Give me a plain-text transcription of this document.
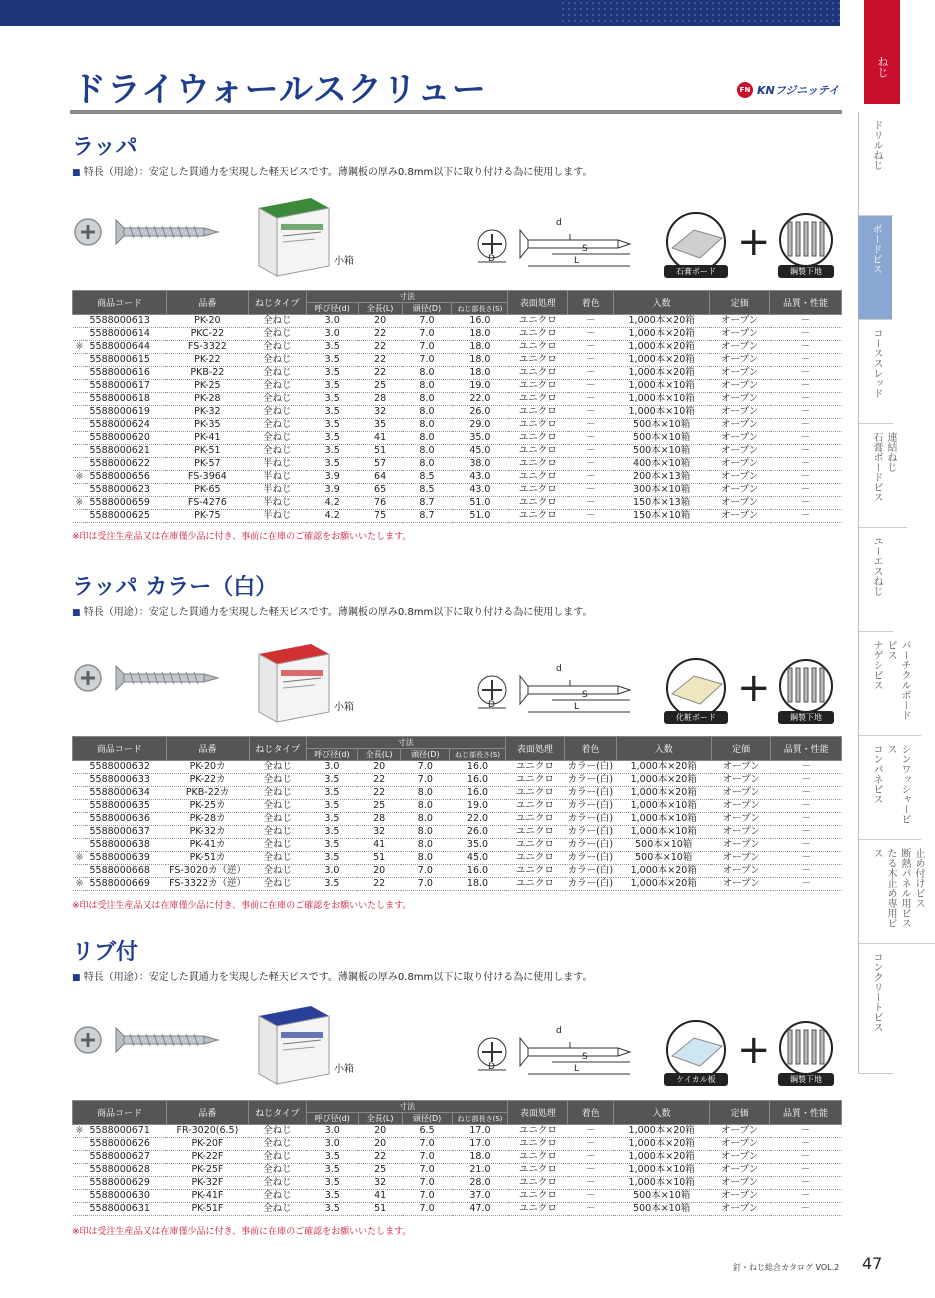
ねじ
ドリルねじ
ボードビス
コーススレッド
連結ねじ
石膏ボードビス
ユーエスねじ
パーチクルボードビス
ナゲシビス
シンワッシャービス
コンパネビス
止め付けビス
断熱パネル用ビス
たる木止め専用ビス
コンクリートビス
ドライウォールスクリュー	FN KNフジニッテイ
ラッパ
■ 特長（用途）：安定した貫通力を実現した軽天ビスです。薄鋼板の厚み0.8mm以下に取り付ける為に使用します。
小箱
d
S
L
D
石膏ボード
+
鋼製下地
商品コード		品番	ねじタイプ	寸法				表面処理	着色	入数	定価	品質・性能
				呼び径(d)	全長(L)	頭径(D)	ねじ部長さ(S)					
	5588000613	PK-20	全ねじ	3.0	20	7.0	16.0	ユニクロ	－	1,000本×20箱	オープン	－
	5588000614	PKC-22	全ねじ	3.0	22	7.0	18.0	ユニクロ	－	1,000本×20箱	オープン	－
※	5588000644	FS-3322	全ねじ	3.5	22	7.0	18.0	ユニクロ	－	1,000本×20箱	オープン	－
	5588000615	PK-22	全ねじ	3.5	22	7.0	18.0	ユニクロ	－	1,000本×20箱	オープン	－
	5588000616	PKB-22	全ねじ	3.5	22	8.0	18.0	ユニクロ	－	1,000本×20箱	オープン	－
	5588000617	PK-25	全ねじ	3.5	25	8.0	19.0	ユニクロ	－	1,000本×10箱	オープン	－
	5588000618	PK-28	全ねじ	3.5	28	8.0	22.0	ユニクロ	－	1,000本×10箱	オープン	－
	5588000619	PK-32	全ねじ	3.5	32	8.0	26.0	ユニクロ	－	1,000本×10箱	オープン	－
	5588000624	PK-35	全ねじ	3.5	35	8.0	29.0	ユニクロ	－	500本×10箱	オープン	－
	5588000620	PK-41	全ねじ	3.5	41	8.0	35.0	ユニクロ	－	500本×10箱	オープン	－
	5588000621	PK-51	全ねじ	3.5	51	8.0	45.0	ユニクロ	－	500本×10箱	オープン	－
	5588000622	PK-57	半ねじ	3.5	57	8.0	38.0	ユニクロ	－	400本×10箱	オープン	－
※	5588000656	FS-3964	半ねじ	3.9	64	8.5	43.0	ユニクロ	－	200本×13箱	オープン	－
	5588000623	PK-65	半ねじ	3.9	65	8.5	43.0	ユニクロ	－	300本×10箱	オープン	－
※	5588000659	FS-4276	半ねじ	4.2	76	8.7	51.0	ユニクロ	－	150本×13箱	オープン	－
	5588000625	PK-75	半ねじ	4.2	75	8.7	51.0	ユニクロ	－	150本×10箱	オープン	－
※印は受注生産品又は在庫僅少品に付き、事前に在庫のご確認をお願いいたします。
ラッパ カラー（白）
■ 特長（用途）：安定した貫通力を実現した軽天ビスです。薄鋼板の厚み0.8mm以下に取り付ける為に使用します。
小箱
d
S
L
D
化粧ボード
+
鋼製下地
商品コード		品番	ねじタイプ	寸法				表面処理	着色	入数	定価	品質・性能
				呼び径(d)	全長(L)	頭径(D)	ねじ部長さ(S)					
	5588000632	PK-20カ	全ねじ	3.0	20	7.0	16.0	ユニクロ	カラー(白)	1,000本×20箱	オープン	－
	5588000633	PK-22カ	全ねじ	3.5	22	7.0	16.0	ユニクロ	カラー(白)	1,000本×20箱	オープン	－
	5588000634	PKB-22カ	全ねじ	3.5	22	8.0	16.0	ユニクロ	カラー(白)	1,000本×20箱	オープン	－
	5588000635	PK-25カ	全ねじ	3.5	25	8.0	19.0	ユニクロ	カラー(白)	1,000本×10箱	オープン	－
	5588000636	PK-28カ	全ねじ	3.5	28	8.0	22.0	ユニクロ	カラー(白)	1,000本×10箱	オープン	－
	5588000637	PK-32カ	全ねじ	3.5	32	8.0	26.0	ユニクロ	カラー(白)	1,000本×10箱	オープン	－
	5588000638	PK-41カ	全ねじ	3.5	41	8.0	35.0	ユニクロ	カラー(白)	500本×10箱	オープン	－
※	5588000639	PK-51カ	全ねじ	3.5	51	8.0	45.0	ユニクロ	カラー(白)	500本×10箱	オープン	－
	5588000668	FS-3020カ（逆）	全ねじ	3.0	20	7.0	16.0	ユニクロ	カラー(白)	1,000本×20箱	オープン	－
※	5588000669	FS-3322カ（逆）	全ねじ	3.5	22	7.0	18.0	ユニクロ	カラー(白)	1,000本×20箱	オープン	－
※印は受注生産品又は在庫僅少品に付き、事前に在庫のご確認をお願いいたします。
リブ付
■ 特長（用途）：安定した貫通力を実現した軽天ビスです。薄鋼板の厚み0.8mm以下に取り付ける為に使用します。
小箱
d
S
L
D
ケイカル板
+
鋼製下地
商品コード		品番	ねじタイプ	寸法				表面処理	着色	入数	定価	品質・性能
				呼び径(d)	全長(L)	頭径(D)	ねじ部長さ(S)					
※	5588000671	FR-3020(6.5)	全ねじ	3.0	20	6.5	17.0	ユニクロ	－	1,000本×20箱	オープン	－
	5588000626	PK-20F	全ねじ	3.0	20	7.0	17.0	ユニクロ	－	1,000本×20箱	オープン	－
	5588000627	PK-22F	全ねじ	3.5	22	7.0	18.0	ユニクロ	－	1,000本×20箱	オープン	－
	5588000628	PK-25F	全ねじ	3.5	25	7.0	21.0	ユニクロ	－	1,000本×10箱	オープン	－
	5588000629	PK-32F	全ねじ	3.5	32	7.0	28.0	ユニクロ	－	1,000本×10箱	オープン	－
	5588000630	PK-41F	全ねじ	3.5	41	7.0	37.0	ユニクロ	－	500本×10箱	オープン	－
	5588000631	PK-51F	全ねじ	3.5	51	7.0	47.0	ユニクロ	－	500本×10箱	オープン	－
※印は受注生産品又は在庫僅少品に付き、事前に在庫のご確認をお願いいたします。
釘・ねじ総合カタログ VOL.2 47
